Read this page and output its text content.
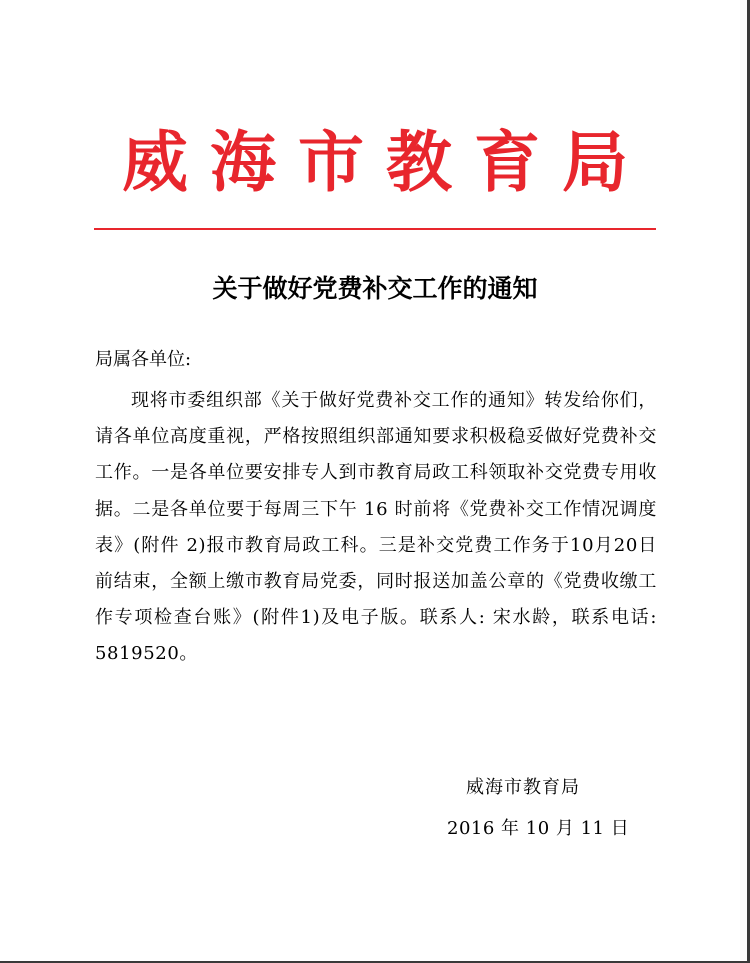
威海市教育局
关于做好党费补交工作的通知
局属各单位:

现将市委组织部《关于做好党费补交工作的通知》转发给你们，请各单位高度重视，严格按照组织部通知要求积极稳妥做好党费补交工作。一是各单位要安排专人到市教育局政工科领取补交党费专用收据。二是各单位要于每周三下午 16 时前将《党费补交工作情况调度表》(附件 2)报市教育局政工科。三是补交党费工作务于10月20日前结束，全额上缴市教育局党委，同时报送加盖公章的《党费收缴工作专项检查台账》(附件1)及电子版。联系人: 宋水龄，联系电话: 5819520。

威海市教育局
2016 年 10 月 11 日
